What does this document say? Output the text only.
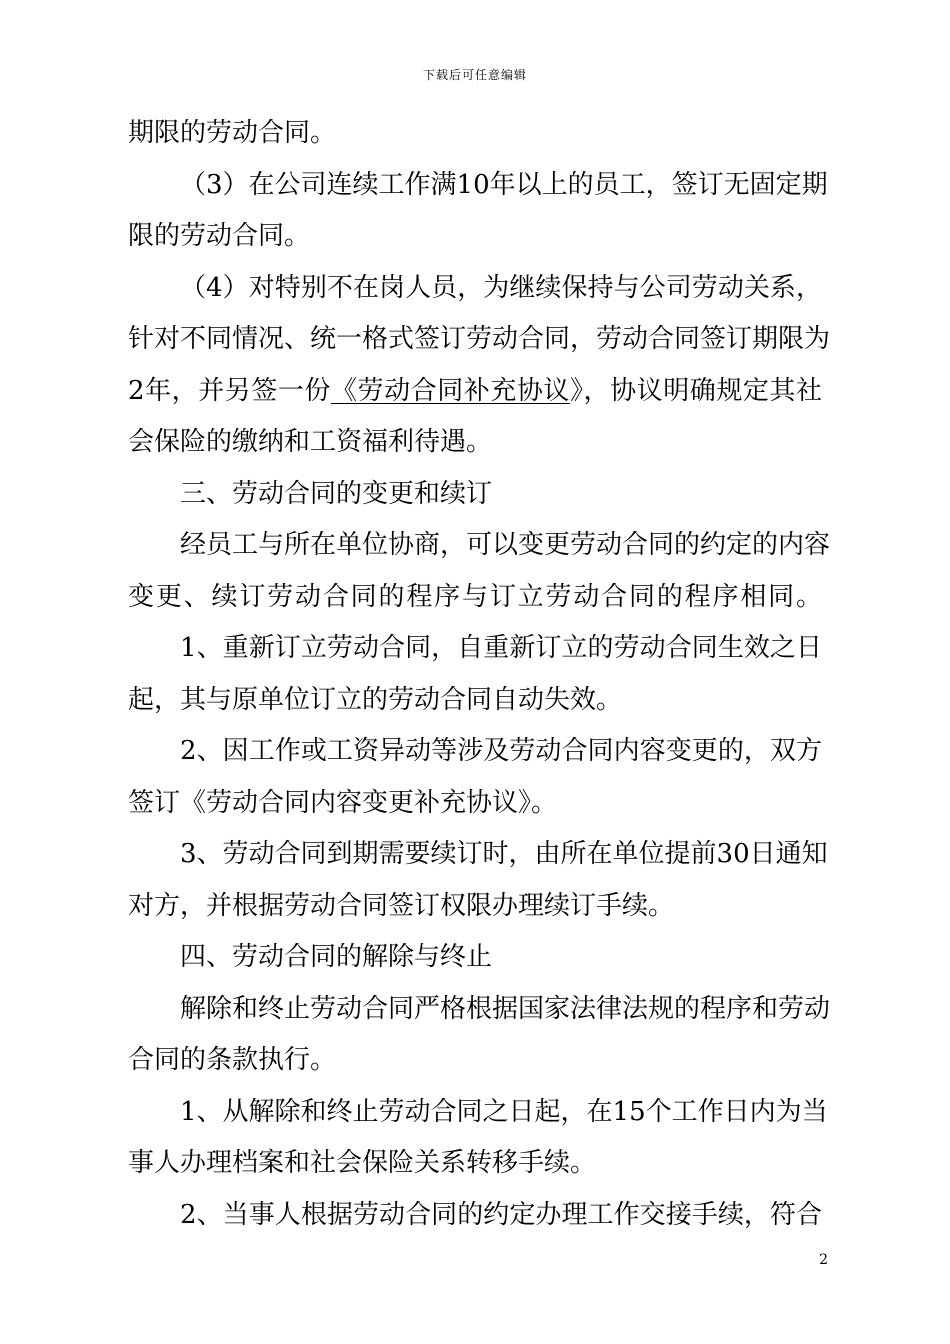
下载后可任意编辑
期限的劳动合同。
（3）在公司连续工作满10年以上的员工，签订无固定期
限的劳动合同。
（4）对特别不在岗人员，为继续保持与公司劳动关系，
针对不同情况、统一格式签订劳动合同，劳动合同签订期限为
2年，并另签一份《劳动合同补充协议》，协议明确规定其社
会保险的缴纳和工资福利待遇。
三、劳动合同的变更和续订
经员工与所在单位协商，可以变更劳动合同的约定的内容
变更、续订劳动合同的程序与订立劳动合同的程序相同。
1、重新订立劳动合同，自重新订立的劳动合同生效之日
起，其与原单位订立的劳动合同自动失效。
2、因工作或工资异动等涉及劳动合同内容变更的，双方
签订《劳动合同内容变更补充协议》。
3、劳动合同到期需要续订时，由所在单位提前30日通知
对方，并根据劳动合同签订权限办理续订手续。
四、劳动合同的解除与终止
解除和终止劳动合同严格根据国家法律法规的程序和劳动
合同的条款执行。
1、从解除和终止劳动合同之日起，在15个工作日内为当
事人办理档案和社会保险关系转移手续。
2、当事人根据劳动合同的约定办理工作交接手续，符合
2
